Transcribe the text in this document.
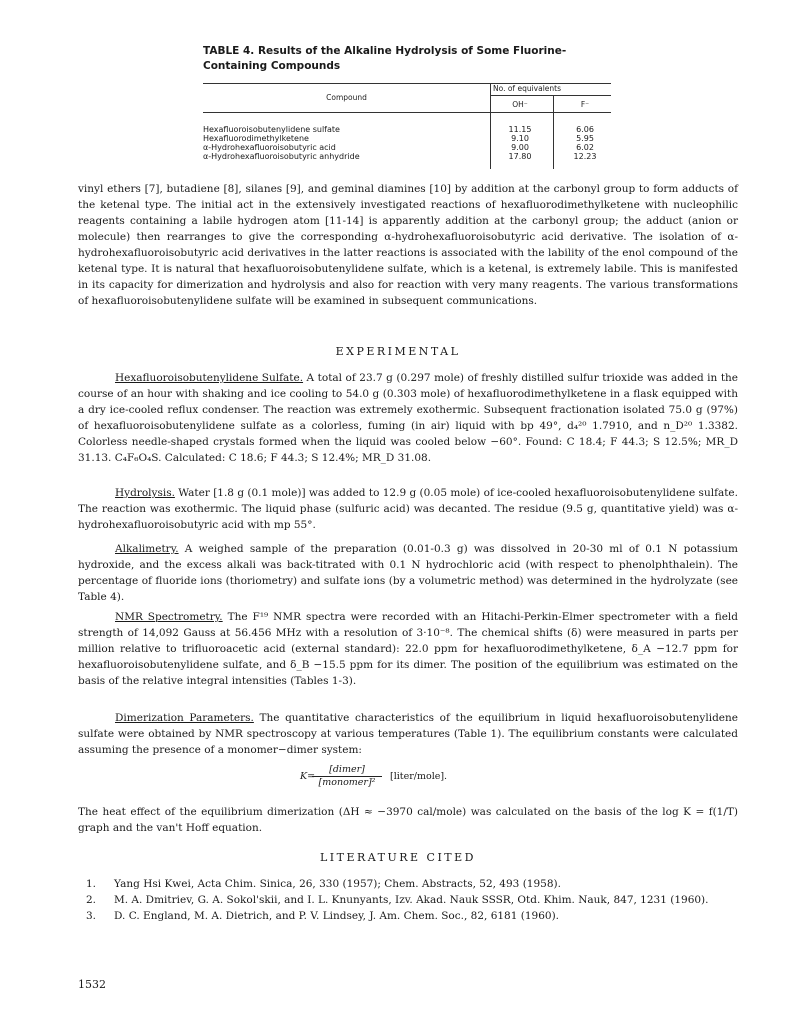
TABLE 4. Results of the Alkaline Hydrolysis of Some Fluorine-Containing Compounds
Compound
No. of equivalents
OH⁻	F⁻
Hexafluoroisobutenylidene sulfate	11.15	6.06
Hexafluorodimethylketene	9.10	5.95
α-Hydrohexafluoroisobutyric acid	9.00	6.02
α-Hydrohexafluoroisobutyric anhydride	17.80	12.23
vinyl ethers [7], butadiene [8], silanes [9], and geminal diamines [10] by addition at the carbonyl group to form adducts of the ketenal type. The initial act in the extensively investigated reactions of hexafluorodimethylketene with nucleophilic reagents containing a labile hydrogen atom [11-14] is apparently addition at the carbonyl group; the adduct (anion or molecule) then rearranges to give the corresponding α-hydrohexafluoroisobutyric acid derivative. The isolation of α-hydrohexafluoroisobutyric acid derivatives in the latter reactions is associated with the lability of the enol compound of the ketenal type. It is natural that hexafluoroisobutenylidene sulfate, which is a ketenal, is extremely labile. This is manifested in its capacity for dimerization and hydrolysis and also for reaction with very many reagents. The various transformations of hexafluoroisobutenylidene sulfate will be examined in subsequent communications.
EXPERIMENTAL
Hexafluoroisobutenylidene Sulfate. A total of 23.7 g (0.297 mole) of freshly distilled sulfur trioxide was added in the course of an hour with shaking and ice cooling to 54.0 g (0.303 mole) of hexafluorodimethylketene in a flask equipped with a dry ice-cooled reflux condenser. The reaction was extremely exothermic. Subsequent fractionation isolated 75.0 g (97%) of hexafluoroisobutenylidene sulfate as a colorless, fuming (in air) liquid with bp 49°, d₄²⁰ 1.7910, and n_D²⁰ 1.3382. Colorless needle-shaped crystals formed when the liquid was cooled below −60°. Found: C 18.4; F 44.3; S 12.5%; MR_D 31.13. C₄F₆O₄S. Calculated: C 18.6; F 44.3; S 12.4%; MR_D 31.08.
Hydrolysis. Water [1.8 g (0.1 mole)] was added to 12.9 g (0.05 mole) of ice-cooled hexafluoroisobutenylidene sulfate. The reaction was exothermic. The liquid phase (sulfuric acid) was decanted. The residue (9.5 g, quantitative yield) was α-hydrohexafluoroisobutyric acid with mp 55°.
Alkalimetry. A weighed sample of the preparation (0.01-0.3 g) was dissolved in 20-30 ml of 0.1 N potassium hydroxide, and the excess alkali was back-titrated with 0.1 N hydrochloric acid (with respect to phenolphthalein). The percentage of fluoride ions (thoriometry) and sulfate ions (by a volumetric method) was determined in the hydrolyzate (see Table 4).
NMR Spectrometry. The F¹⁹ NMR spectra were recorded with an Hitachi-Perkin-Elmer spectrometer with a field strength of 14,092 Gauss at 56.456 MHz with a resolution of 3·10⁻⁸. The chemical shifts (δ) were measured in parts per million relative to trifluoroacetic acid (external standard): 22.0 ppm for hexafluorodimethylketene, δ_A −12.7 ppm for hexafluoroisobutenylidene sulfate, and δ_B −15.5 ppm for its dimer. The position of the equilibrium was estimated on the basis of the relative integral intensities (Tables 1-3).
Dimerization Parameters. The quantitative characteristics of the equilibrium in liquid hexafluoroisobutenylidene sulfate were obtained by NMR spectroscopy at various temperatures (Table 1). The equilibrium constants were calculated assuming the presence of a monomer−dimer system:
K=
[dimer]
[monomer]²
[liter/mole].
The heat effect of the equilibrium dimerization (ΔH ≈ −3970 cal/mole) was calculated on the basis of the log K = f(1/T) graph and the van't Hoff equation.
LITERATURE CITED
1. Yang Hsi Kwei, Acta Chim. Sinica, 26, 330 (1957); Chem. Abstracts, 52, 493 (1958).
2. M. A. Dmitriev, G. A. Sokol'skii, and I. L. Knunyants, Izv. Akad. Nauk SSSR, Otd. Khim. Nauk, 847, 1231 (1960).
3. D. C. England, M. A. Dietrich, and P. V. Lindsey, J. Am. Chem. Soc., 82, 6181 (1960).
1532
